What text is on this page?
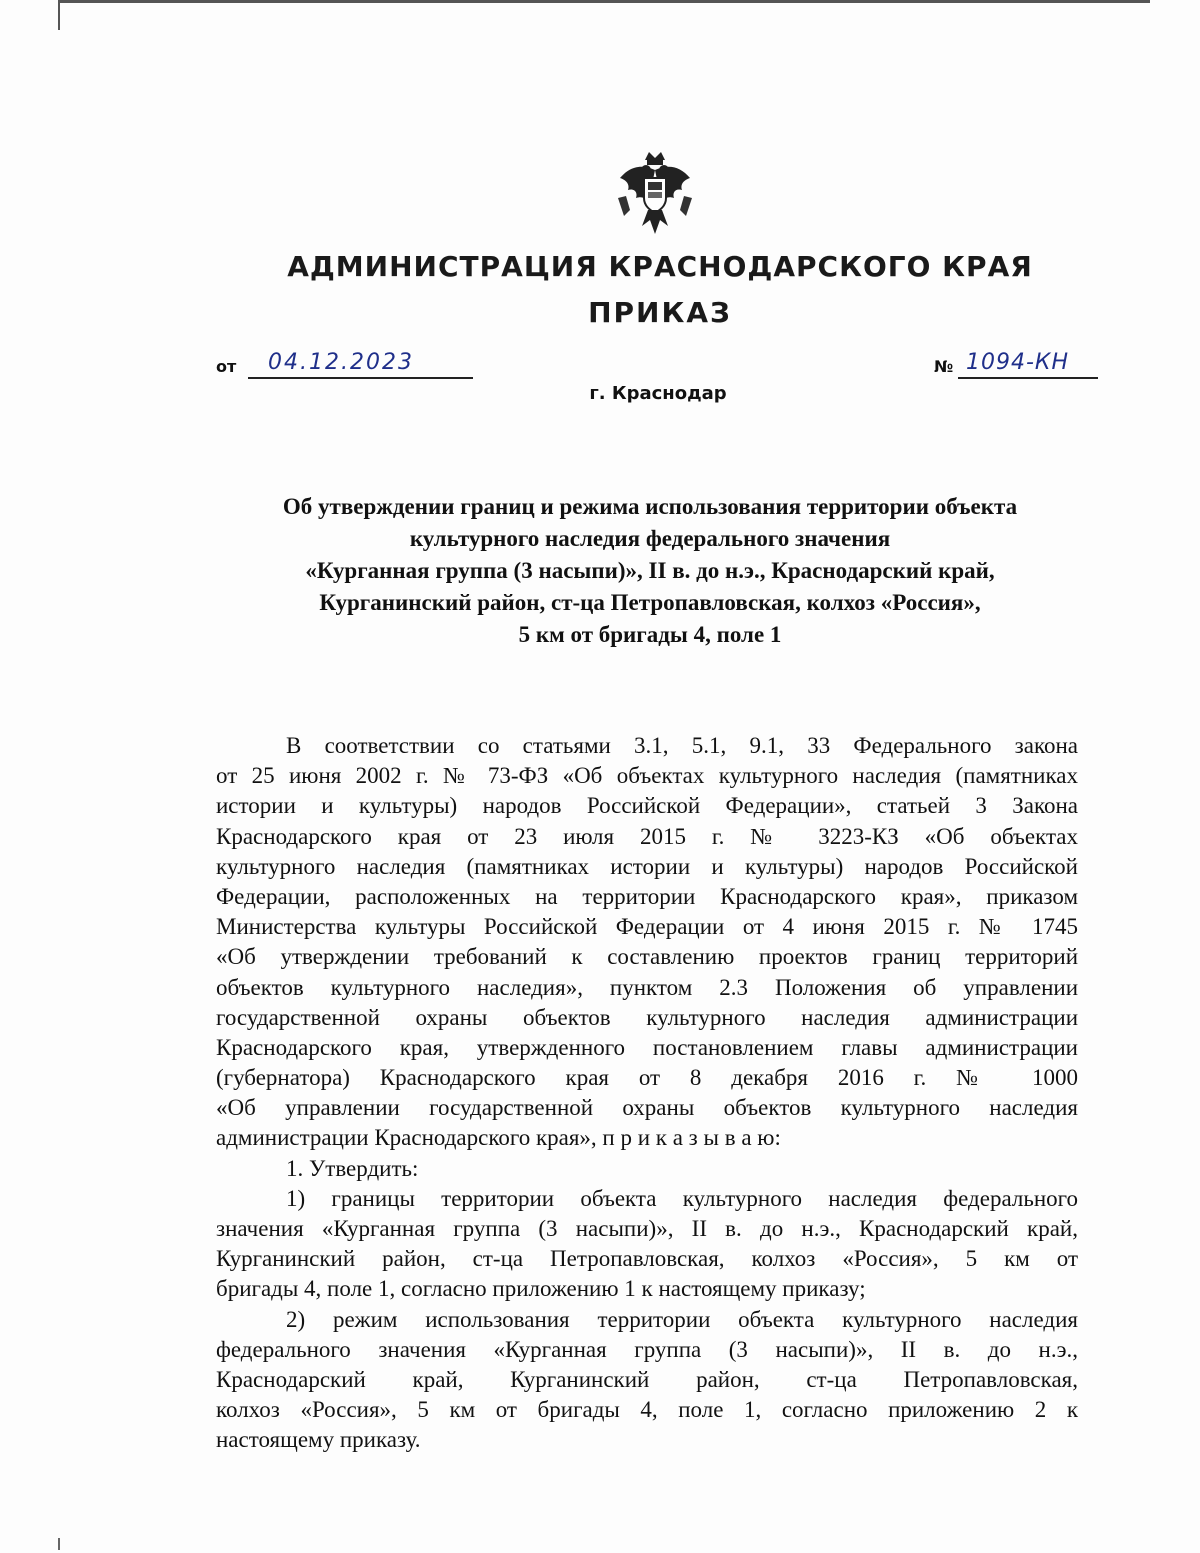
АДМИНИСТРАЦИЯ КРАСНОДАРСКОГО КРАЯ
ПРИКАЗ
от	04.12.2023	№ 1094-КН
г. Краснодар
Об утверждении границ и режима использования территории объекта
культурного наследия федерального значения
«Курганная группа (3 насыпи)», II в. до н.э., Краснодарский край,
Курганинский район, ст-ца Петропавловская, колхоз «Россия»,
5 км от бригады 4, поле 1
В соответствии со статьями 3.1, 5.1, 9.1, 33 Федерального закона
от 25 июня 2002 г. № 73-ФЗ «Об объектах культурного наследия (памятниках
истории и культуры) народов Российской Федерации», статьей 3 Закона
Краснодарского края от 23 июля 2015 г. № 3223-КЗ «Об объектах
культурного наследия (памятниках истории и культуры) народов Российской
Федерации, расположенных на территории Краснодарского края», приказом
Министерства культуры Российской Федерации от 4 июня 2015 г. № 1745
«Об утверждении требований к составлению проектов границ территорий
объектов культурного наследия», пунктом 2.3 Положения об управлении
государственной охраны объектов культурного наследия администрации
Краснодарского края, утвержденного постановлением главы администрации
(губернатора) Краснодарского края от 8 декабря 2016 г. № 1000
«Об управлении государственной охраны объектов культурного наследия
администрации Краснодарского края», п р и к а з ы в а ю:
1. Утвердить:
1) границы территории объекта культурного наследия федерального
значения «Курганная группа (3 насыпи)», II в. до н.э., Краснодарский край,
Курганинский район, ст-ца Петропавловская, колхоз «Россия», 5 км от
бригады 4, поле 1, согласно приложению 1 к настоящему приказу;
2) режим использования территории объекта культурного наследия
федерального значения «Курганная группа (3 насыпи)», II в. до н.э.,
Краснодарский край, Курганинский район, ст-ца Петропавловская,
колхоз «Россия», 5 км от бригады 4, поле 1, согласно приложению 2 к
настоящему приказу.
